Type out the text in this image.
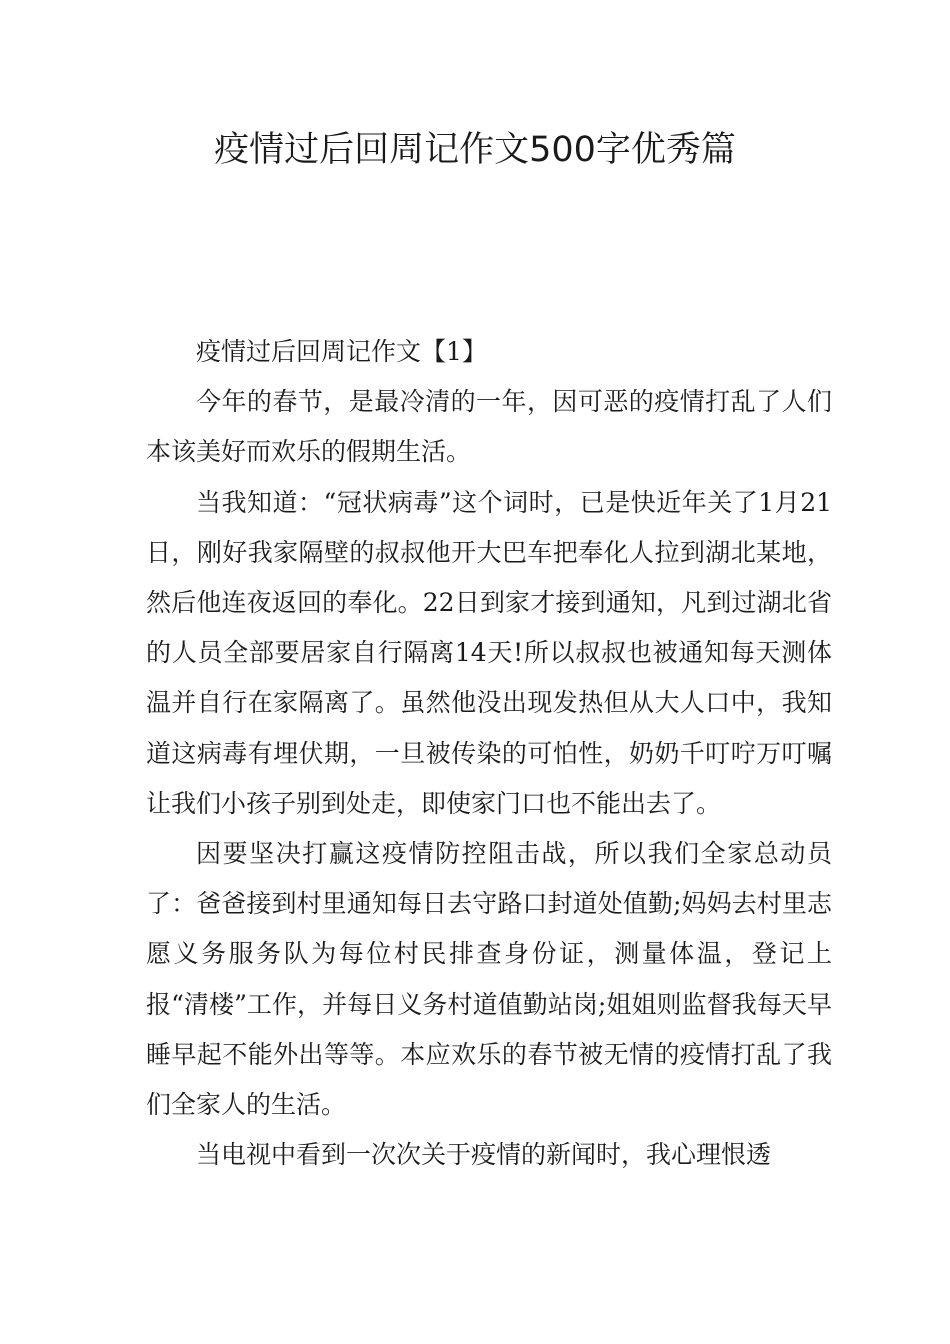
疫情过后回周记作文500字优秀篇

疫情过后回周记作文【1】

今年的春节，是最冷清的一年，因可恶的疫情打乱了人们本该美好而欢乐的假期生活。

当我知道：“冠状病毒”这个词时，已是快近年关了1月21日，刚好我家隔壁的叔叔他开大巴车把奉化人拉到湖北某地，然后他连夜返回的奉化。22日到家才接到通知，凡到过湖北省的人员全部要居家自行隔离14天!所以叔叔也被通知每天测体温并自行在家隔离了。虽然他没出现发热但从大人口中，我知道这病毒有埋伏期，一旦被传染的可怕性，奶奶千叮咛万叮嘱让我们小孩子别到处走，即使家门口也不能出去了。

因要坚决打赢这疫情防控阻击战，所以我们全家总动员了：爸爸接到村里通知每日去守路口封道处值勤;妈妈去村里志愿义务服务队为每位村民排查身份证，测量体温，登记上报“清楼”工作，并每日义务村道值勤站岗;姐姐则监督我每天早睡早起不能外出等等。本应欢乐的春节被无情的疫情打乱了我们全家人的生活。

当电视中看到一次次关于疫情的新闻时，我心理恨透
